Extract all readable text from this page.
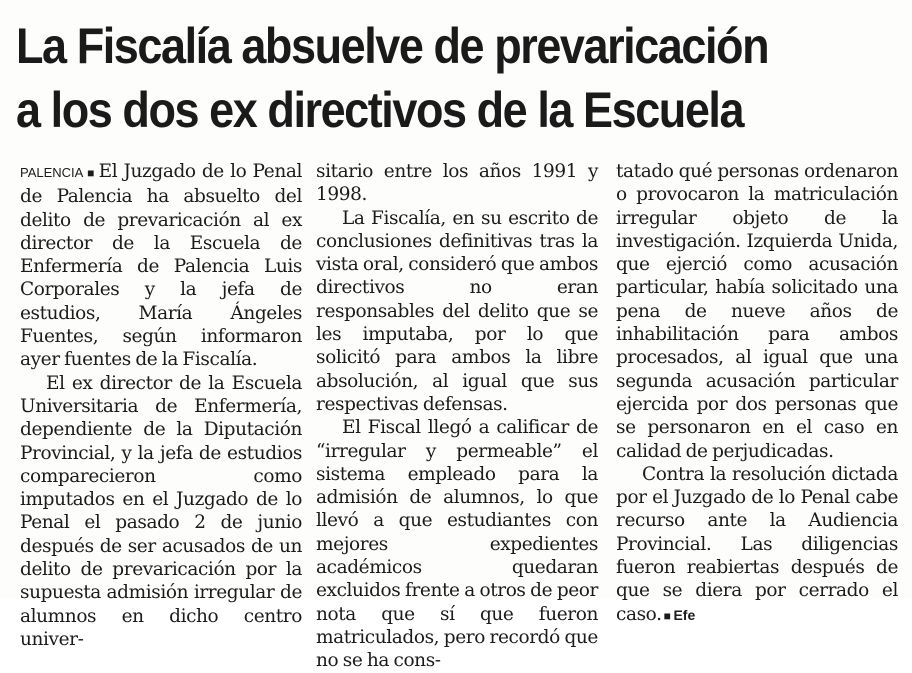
La Fiscalía absuelve de prevaricación
a los dos ex directivos de la Escuela

PALENCIA ■ El Juzgado de lo Penal de Palencia ha absuelto del delito de prevaricación al ex director de la Escuela de Enfermería de Palencia Luis Corporales y la jefa de estudios, María Ángeles Fuentes, según informaron ayer fuentes de la Fiscalía.

El ex director de la Escuela Universitaria de Enfermería, dependiente de la Diputación Provincial, y la jefa de estudios comparecieron como imputados en el Juzgado de lo Penal el pasado 2 de junio después de ser acusados de un delito de prevaricación por la supuesta admisión irregular de alumnos en dicho centro univer-

sitario entre los años 1991 y 1998.

La Fiscalía, en su escrito de conclusiones definitivas tras la vista oral, consideró que ambos directivos no eran responsables del delito que se les imputaba, por lo que solicitó para ambos la libre absolución, al igual que sus respectivas defensas.

El Fiscal llegó a calificar de “irregular y permeable” el sistema empleado para la admisión de alumnos, lo que llevó a que estudiantes con mejores expedientes académicos quedaran excluidos frente a otros de peor nota que sí que fueron matriculados, pero recordó que no se ha cons-

tatado qué personas ordenaron o provocaron la matriculación irregular objeto de la investigación. Izquierda Unida, que ejerció como acusación particular, había solicitado una pena de nueve años de inhabilitación para ambos procesados, al igual que una segunda acusación particular ejercida por dos personas que se personaron en el caso en calidad de perjudicadas.

Contra la resolución dictada por el Juzgado de lo Penal cabe recurso ante la Audiencia Provincial. Las diligencias fueron reabiertas después de que se diera por cerrado el caso. ■ Efe
